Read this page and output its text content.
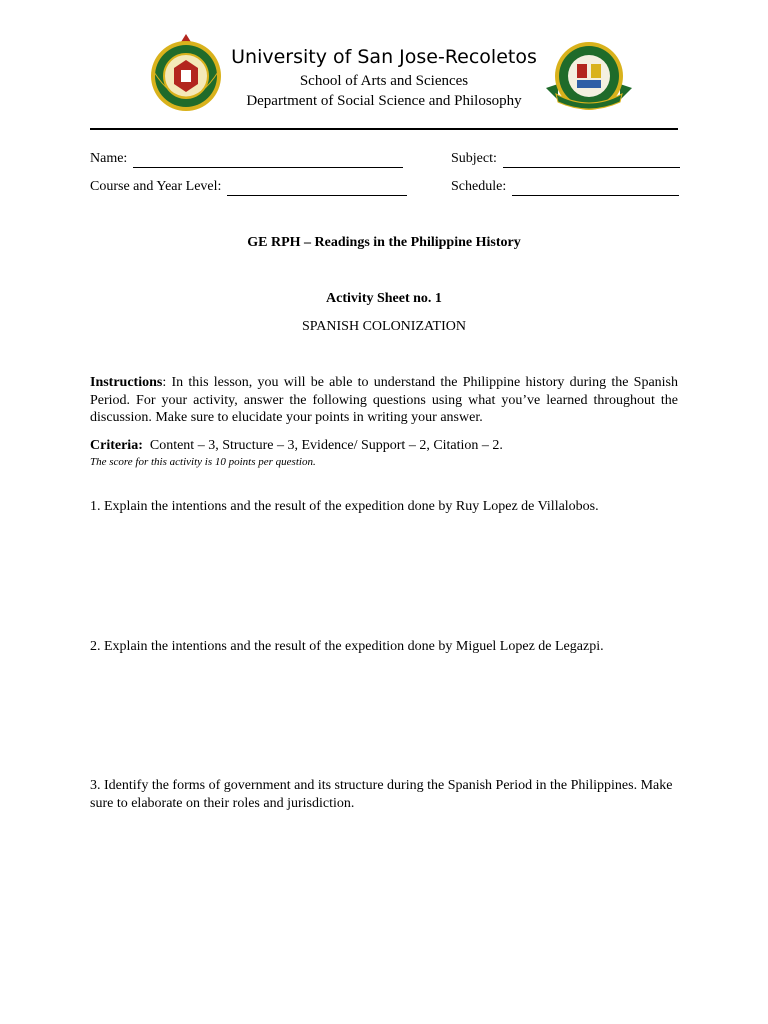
University of San Jose-Recoletos
School of Arts and Sciences
Department of Social Science and Philosophy
Name:	Subject:
Course and Year Level:	Schedule:
GE RPH – Readings in the Philippine History
Activity Sheet no. 1
SPANISH COLONIZATION
Instructions: In this lesson, you will be able to understand the Philippine history during the Spanish Period. For your activity, answer the following questions using what you’ve learned throughout the discussion. Make sure to elucidate your points in writing your answer.
Criteria: Content – 3, Structure – 3, Evidence/ Support – 2, Citation – 2.
The score for this activity is 10 points per question.
1. Explain the intentions and the result of the expedition done by Ruy Lopez de Villalobos.
2. Explain the intentions and the result of the expedition done by Miguel Lopez de Legazpi.
3. Identify the forms of government and its structure during the Spanish Period in the Philippines. Make sure to elaborate on their roles and jurisdiction.
